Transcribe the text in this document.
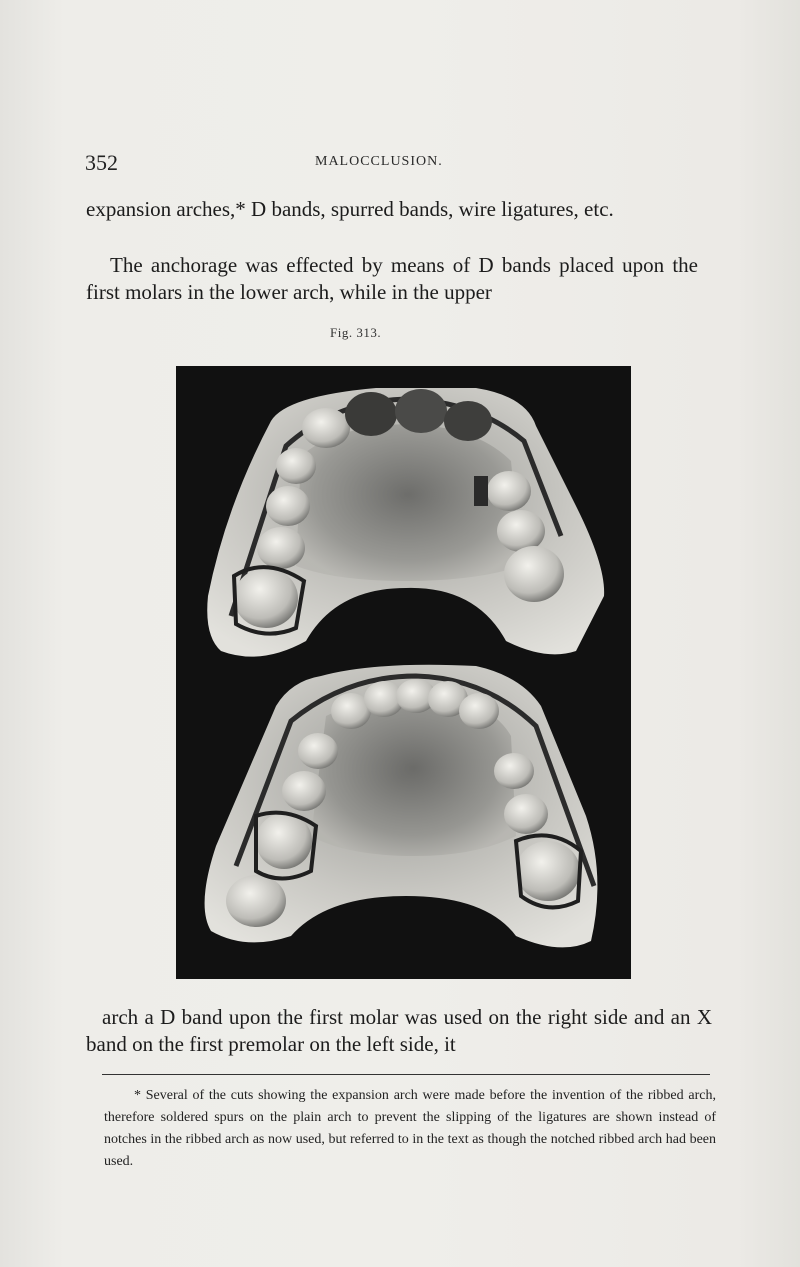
352	MALOCCLUSION.
expansion arches,* D bands, spurred bands, wire ligatures, etc.
The anchorage was effected by means of D bands placed upon the first molars in the lower arch, while in the upper
Fig. 313.
arch a D band upon the first molar was used on the right side and an X band on the first premolar on the left side, it

* Several of the cuts showing the expansion arch were made before the invention of the ribbed arch, therefore soldered spurs on the plain arch to prevent the slipping of the ligatures are shown instead of notches in the ribbed arch as now used, but referred to in the text as though the notched ribbed arch had been used.
